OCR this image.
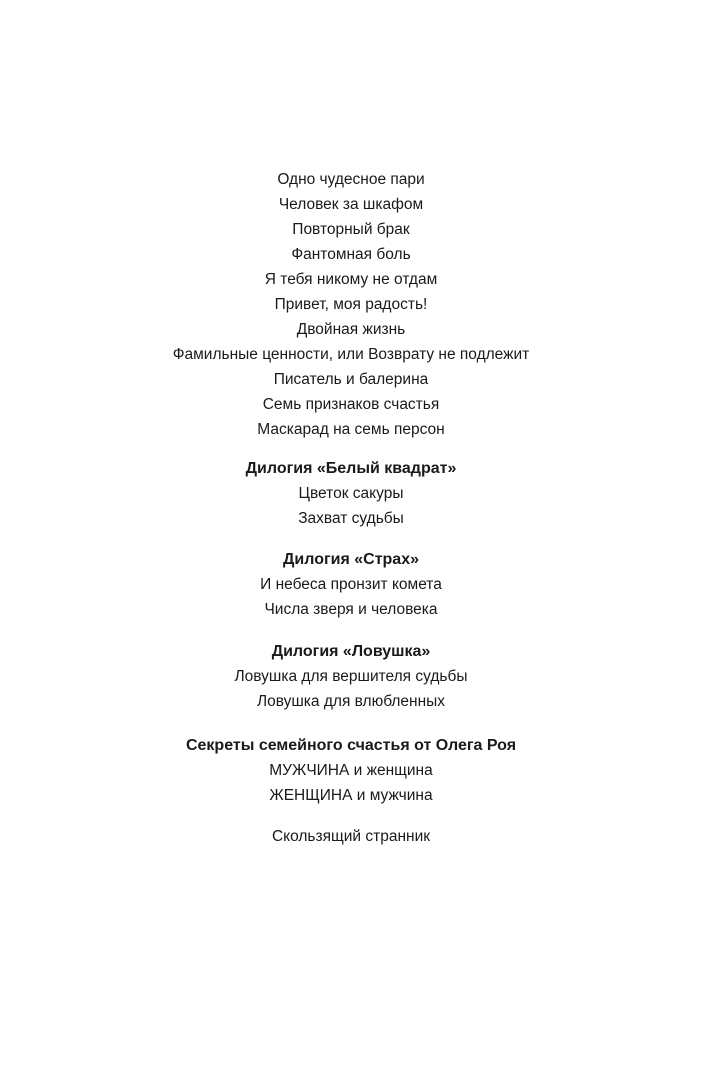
Одно чудесное пари
Человек за шкафом
Повторный брак
Фантомная боль
Я тебя никому не отдам
Привет, моя радость!
Двойная жизнь
Фамильные ценности, или Возврату не подлежит
Писатель и балерина
Семь признаков счастья
Маскарад на семь персон
Дилогия «Белый квадрат»
Цветок сакуры
Захват судьбы
Дилогия «Страх»
И небеса пронзит комета
Числа зверя и человека
Дилогия «Ловушка»
Ловушка для вершителя судьбы
Ловушка для влюбленных
Секреты семейного счастья от Олега Роя
МУЖЧИНА и женщина
ЖЕНЩИНА и мужчина
Скользящий странник
